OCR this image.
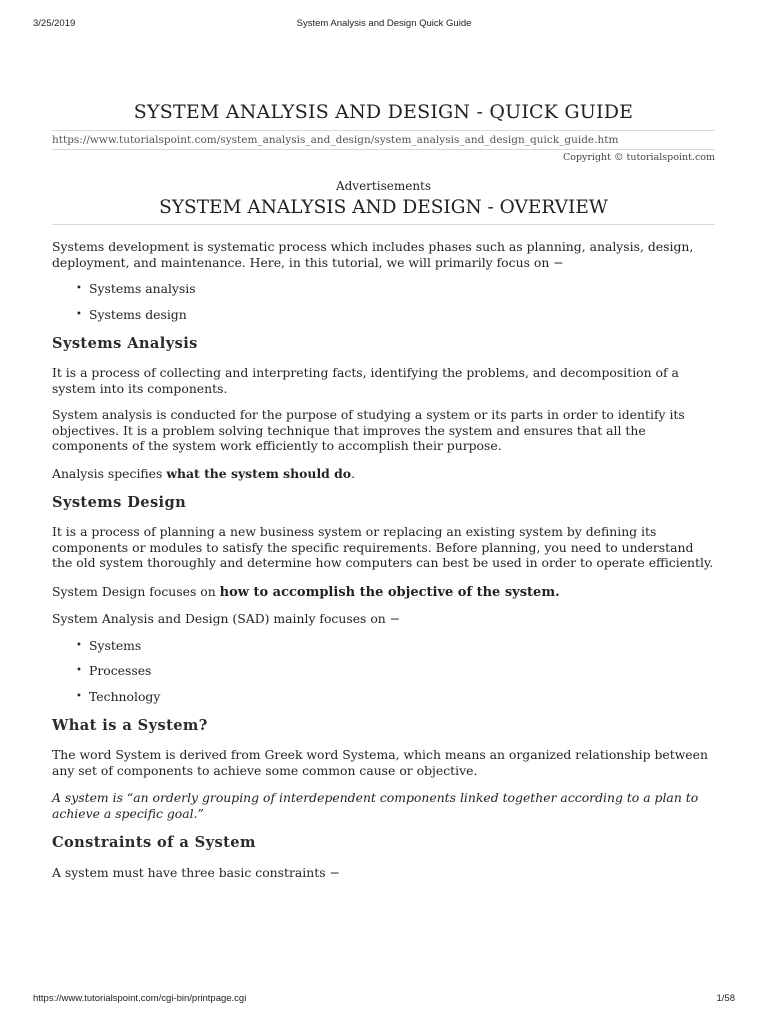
3/25/2019	System Analysis and Design Quick Guide
SYSTEM ANALYSIS AND DESIGN - QUICK GUIDE
https://www.tutorialspoint.com/system_analysis_and_design/system_analysis_and_design_quick_guide.htm
Copyright © tutorialspoint.com
Advertisements
SYSTEM ANALYSIS AND DESIGN - OVERVIEW

Systems development is systematic process which includes phases such as planning, analysis, design, deployment, and maintenance. Here, in this tutorial, we will primarily focus on −

• Systems analysis
• Systems design
Systems Analysis

It is a process of collecting and interpreting facts, identifying the problems, and decomposition of a system into its components.

System analysis is conducted for the purpose of studying a system or its parts in order to identify its objectives. It is a problem solving technique that improves the system and ensures that all the components of the system work efficiently to accomplish their purpose.

Analysis specifies what the system should do.

Systems Design

It is a process of planning a new business system or replacing an existing system by defining its components or modules to satisfy the specific requirements. Before planning, you need to understand the old system thoroughly and determine how computers can best be used in order to operate efficiently.

System Design focuses on how to accomplish the objective of the system.

System Analysis and Design (SAD) mainly focuses on −

• Systems
• Processes
• Technology
What is a System?

The word System is derived from Greek word Systema, which means an organized relationship between any set of components to achieve some common cause or objective.

A system is “an orderly grouping of interdependent components linked together according to a plan to achieve a specific goal.”

Constraints of a System

A system must have three basic constraints −

https://www.tutorialspoint.com/cgi-bin/printpage.cgi	1/58
